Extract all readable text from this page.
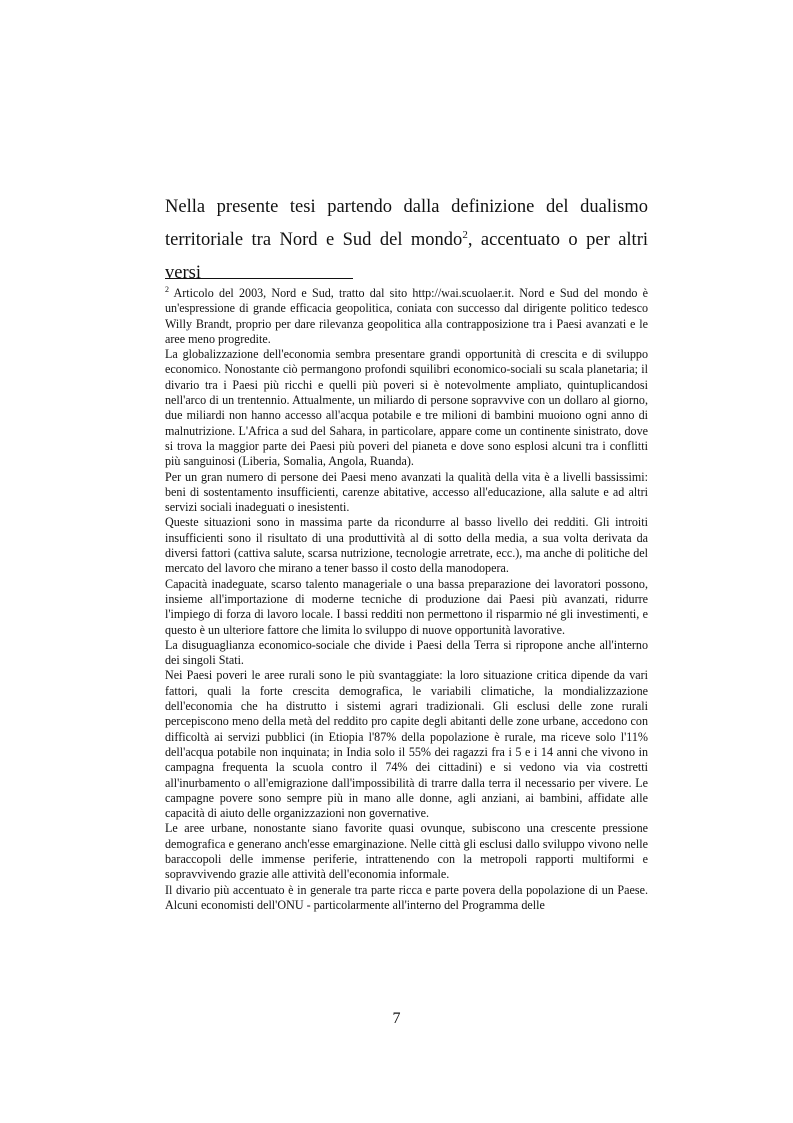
Nella presente tesi partendo dalla definizione del dualismo
territoriale tra Nord e Sud del mondo$^2$, accentuato o per altri versi

$^2$ Articolo del 2003, Nord e Sud, tratto dal sito http://wai.scuolaer.it. Nord e Sud del mondo è un'espressione di grande efficacia geopolitica, coniata con successo dal dirigente politico tedesco Willy Brandt, proprio per dare rilevanza geopolitica alla contrapposizione tra i Paesi avanzati e le aree meno progredite.

La globalizzazione dell'economia sembra presentare grandi opportunità di crescita e di sviluppo economico. Nonostante ciò permangono profondi squilibri economico-sociali su scala planetaria; il divario tra i Paesi più ricchi e quelli più poveri si è notevolmente ampliato, quintuplicandosi nell'arco di un trentennio. Attualmente, un miliardo di persone sopravvive con un dollaro al giorno, due miliardi non hanno accesso all'acqua potabile e tre milioni di bambini muoiono ogni anno di malnutrizione. L'Africa a sud del Sahara, in particolare, appare come un continente sinistrato, dove si trova la maggior parte dei Paesi più poveri del pianeta e dove sono esplosi alcuni tra i conflitti più sanguinosi (Liberia, Somalia, Angola, Ruanda).

Per un gran numero di persone dei Paesi meno avanzati la qualità della vita è a livelli bassissimi: beni di sostentamento insufficienti, carenze abitative, accesso all'educazione, alla salute e ad altri servizi sociali inadeguati o inesistenti.

Queste situazioni sono in massima parte da ricondurre al basso livello dei redditi. Gli introiti insufficienti sono il risultato di una produttività al di sotto della media, a sua volta derivata da diversi fattori (cattiva salute, scarsa nutrizione, tecnologie arretrate, ecc.), ma anche di politiche del mercato del lavoro che mirano a tener basso il costo della manodopera.

Capacità inadeguate, scarso talento manageriale o una bassa preparazione dei lavoratori possono, insieme all'importazione di moderne tecniche di produzione dai Paesi più avanzati, ridurre l'impiego di forza di lavoro locale. I bassi redditi non permettono il risparmio né gli investimenti, e questo è un ulteriore fattore che limita lo sviluppo di nuove opportunità lavorative.

La disuguaglianza economico-sociale che divide i Paesi della Terra si ripropone anche all'interno dei singoli Stati.

Nei Paesi poveri le aree rurali sono le più svantaggiate: la loro situazione critica dipende da vari fattori, quali la forte crescita demografica, le variabili climatiche, la mondializzazione dell'economia che ha distrutto i sistemi agrari tradizionali. Gli esclusi delle zone rurali percepiscono meno della metà del reddito pro capite degli abitanti delle zone urbane, accedono con difficoltà ai servizi pubblici (in Etiopia l'87% della popolazione è rurale, ma riceve solo l'11% dell'acqua potabile non inquinata; in India solo il 55% dei ragazzi fra i 5 e i 14 anni che vivono in campagna frequenta la scuola contro il 74% dei cittadini) e si vedono via via costretti all'inurbamento o all'emigrazione dall'impossibilità di trarre dalla terra il necessario per vivere. Le campagne povere sono sempre più in mano alle donne, agli anziani, ai bambini, affidate alle capacità di aiuto delle organizzazioni non governative.

Le aree urbane, nonostante siano favorite quasi ovunque, subiscono una crescente pressione demografica e generano anch'esse emarginazione. Nelle città gli esclusi dallo sviluppo vivono nelle baraccopoli delle immense periferie, intrattenendo con la metropoli rapporti multiformi e sopravvivendo grazie alle attività dell'economia informale.

Il divario più accentuato è in generale tra parte ricca e parte povera della popolazione di un Paese. Alcuni economisti dell'ONU - particolarmente all'interno del Programma delle

7
